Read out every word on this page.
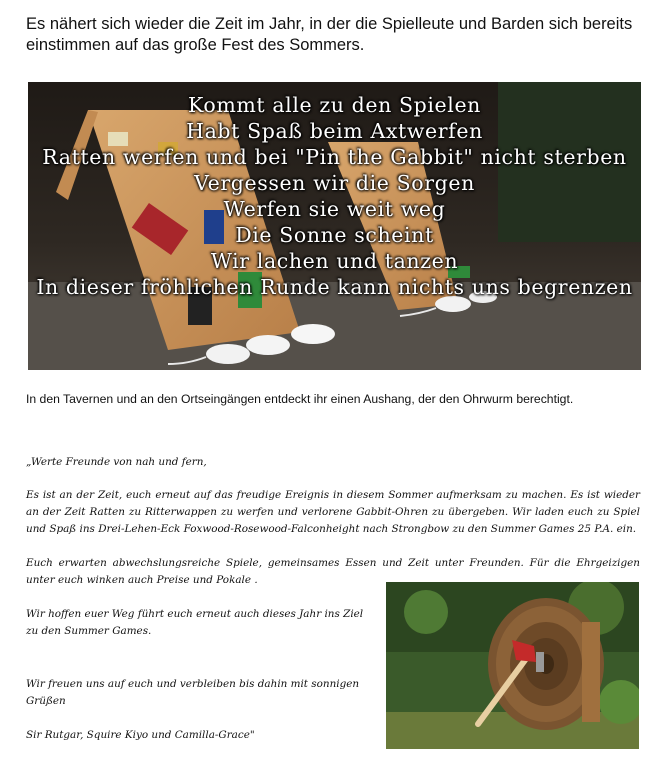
Es nähert sich wieder die Zeit im Jahr, in der die Spielleute und Barden sich bereits einstimmen auf das große Fest des Sommers.

Kommt alle zu den Spielen
Habt Spaß beim Axtwerfen
Ratten werfen und bei "Pin the Gabbit" nicht sterben
Vergessen wir die Sorgen
Werfen sie weit weg
Die Sonne scheint
Wir lachen und tanzen
In dieser fröhlichen Runde kann nichts uns begrenzen

In den Tavernen und an den Ortseingängen entdeckt ihr einen Aushang, der den Ohrwurm berechtigt.

„Werte Freunde von nah und fern,

Es ist an der Zeit, euch erneut auf das freudige Ereignis in diesem Sommer aufmerksam zu machen. Es ist wieder an der Zeit Ratten zu Ritterwappen zu werfen und verlorene Gabbit-Ohren zu übergeben. Wir laden euch zu Spiel und Spaß ins Drei-Lehen-Eck Foxwood-Rosewood-Falconheight nach Strongbow zu den Summer Games 25 P.A. ein.

Euch erwarten abwechslungsreiche Spiele, gemeinsames Essen und Zeit unter Freunden. Für die Ehrgeizigen unter euch winken auch Preise und Pokale .

Wir hoffen euer Weg führt euch erneut auch dieses Jahr ins Ziel zu den Summer Games.

Wir freuen uns auf euch und verbleiben bis dahin mit sonnigen Grüßen

Sir Rutgar, Squire Kiyo und Camilla-Grace"
